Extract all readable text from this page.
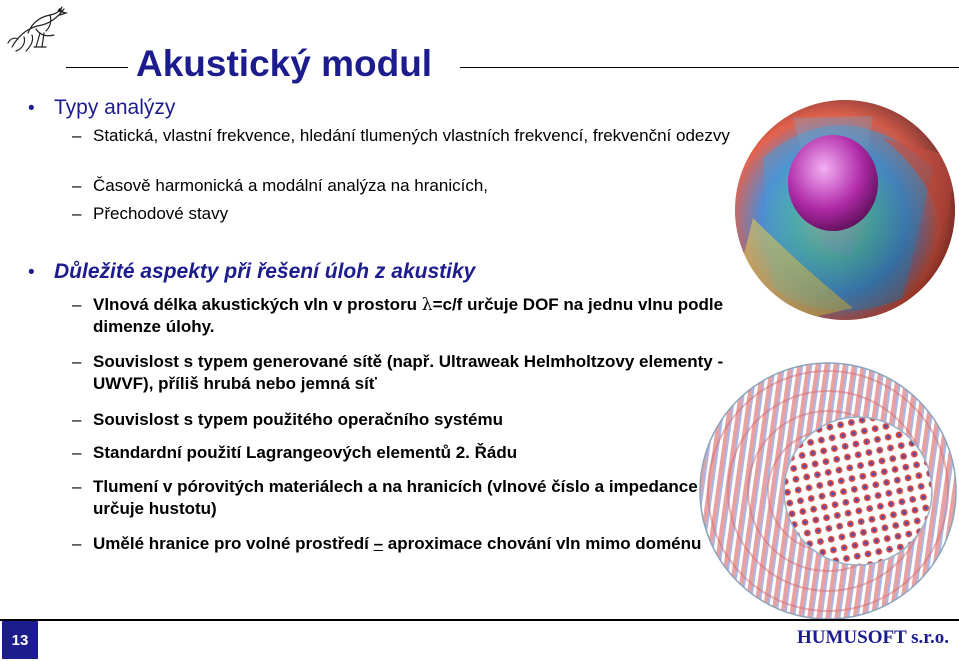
Akustický modul
• Typy analýzy
– Statická, vlastní frekvence, hledání tlumených vlastních frekvencí, frekvenční odezvy
– Časově harmonická a modální analýza na hranicích,
– Přechodové stavy
• Důležité aspekty při řešení úloh z akustiky
– Vlnová délka akustických vln v prostoru λ=c/f určuje DOF na jednu vlnu podle dimenze úlohy.
– Souvislost s typem generované sítě (např. Ultraweak Helmholtzovy elementy - UWVF), příliš hrubá nebo jemná síť
– Souvislost s typem použitého operačního systému
– Standardní použití Lagrangeových elementů 2. Řádu
– Tlumení v pórovitých materiálech a na hranicích (vlnové číslo a impedance určuje hustotu)
– Umělé hranice pro volné prostředí – aproximace chování vln mimo doménu
13	HUMUSOFT s.r.o.
